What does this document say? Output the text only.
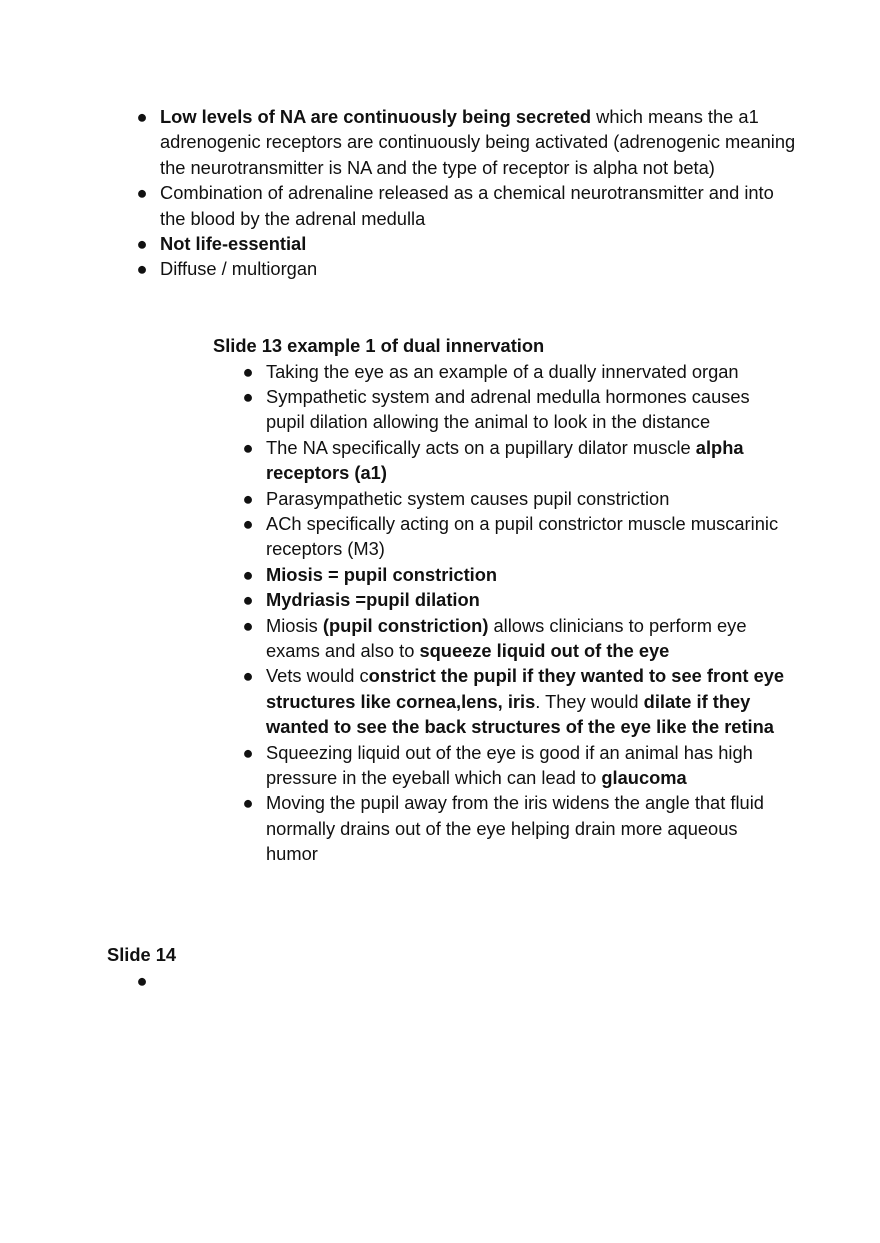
● Low levels of NA are continuously being secreted which means the a1 adrenogenic receptors are continuously being activated (adrenogenic meaning the neurotransmitter is NA and the type of receptor is alpha not beta)
● Combination of adrenaline released as a chemical neurotransmitter and into the blood by the adrenal medulla
● Not life-essential
● Diffuse / multiorgan
Slide 13 example 1 of dual innervation
● Taking the eye as an example of a dually innervated organ
● Sympathetic system and adrenal medulla hormones causes pupil dilation allowing the animal to look in the distance
● The NA specifically acts on a pupillary dilator muscle alpha receptors (a1)
● Parasympathetic system causes pupil constriction
● ACh specifically acting on a pupil constrictor muscle muscarinic receptors (M3)
● Miosis = pupil constriction
● Mydriasis =pupil dilation
● Miosis (pupil constriction) allows clinicians to perform eye exams and also to squeeze liquid out of the eye
● Vets would constrict the pupil if they wanted to see front eye structures like cornea,lens, iris. They would dilate if they wanted to see the back structures of the eye like the retina
● Squeezing liquid out of the eye is good if an animal has high pressure in the eyeball which can lead to glaucoma
● Moving the pupil away from the iris widens the angle that fluid normally drains out of the eye helping drain more aqueous humor
Slide 14
●
